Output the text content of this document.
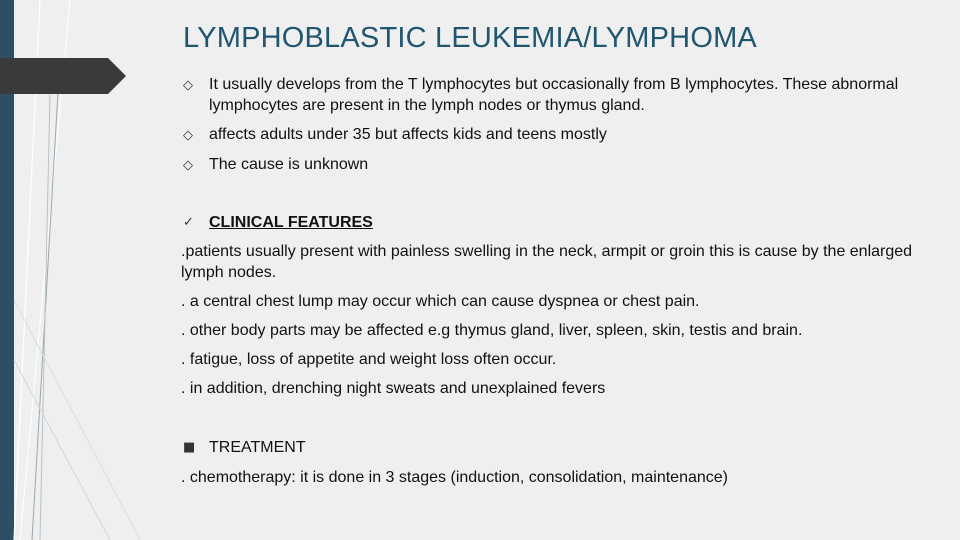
LYMPHOBLASTIC LEUKEMIA/LYMPHOMA
◇	It usually develops from the T lymphocytes but occasionally from B lymphocytes. These abnormal lymphocytes are present in the lymph nodes or thymus gland.
◇	affects adults under 35 but affects kids and teens mostly
◇	The cause is unknown
✓ CLINICAL FEATURES
.patients usually present with painless swelling in the neck, armpit or groin this is cause by the enlarged lymph nodes.
. a central chest lump may occur which can cause dyspnea or chest pain.
. other body parts may be affected e.g thymus gland, liver, spleen, skin, testis and brain.
. fatigue, loss of appetite and weight loss often occur.
. in addition, drenching night sweats and unexplained fevers
■ TREATMENT
. chemotherapy: it is done in 3 stages (induction, consolidation, maintenance)
